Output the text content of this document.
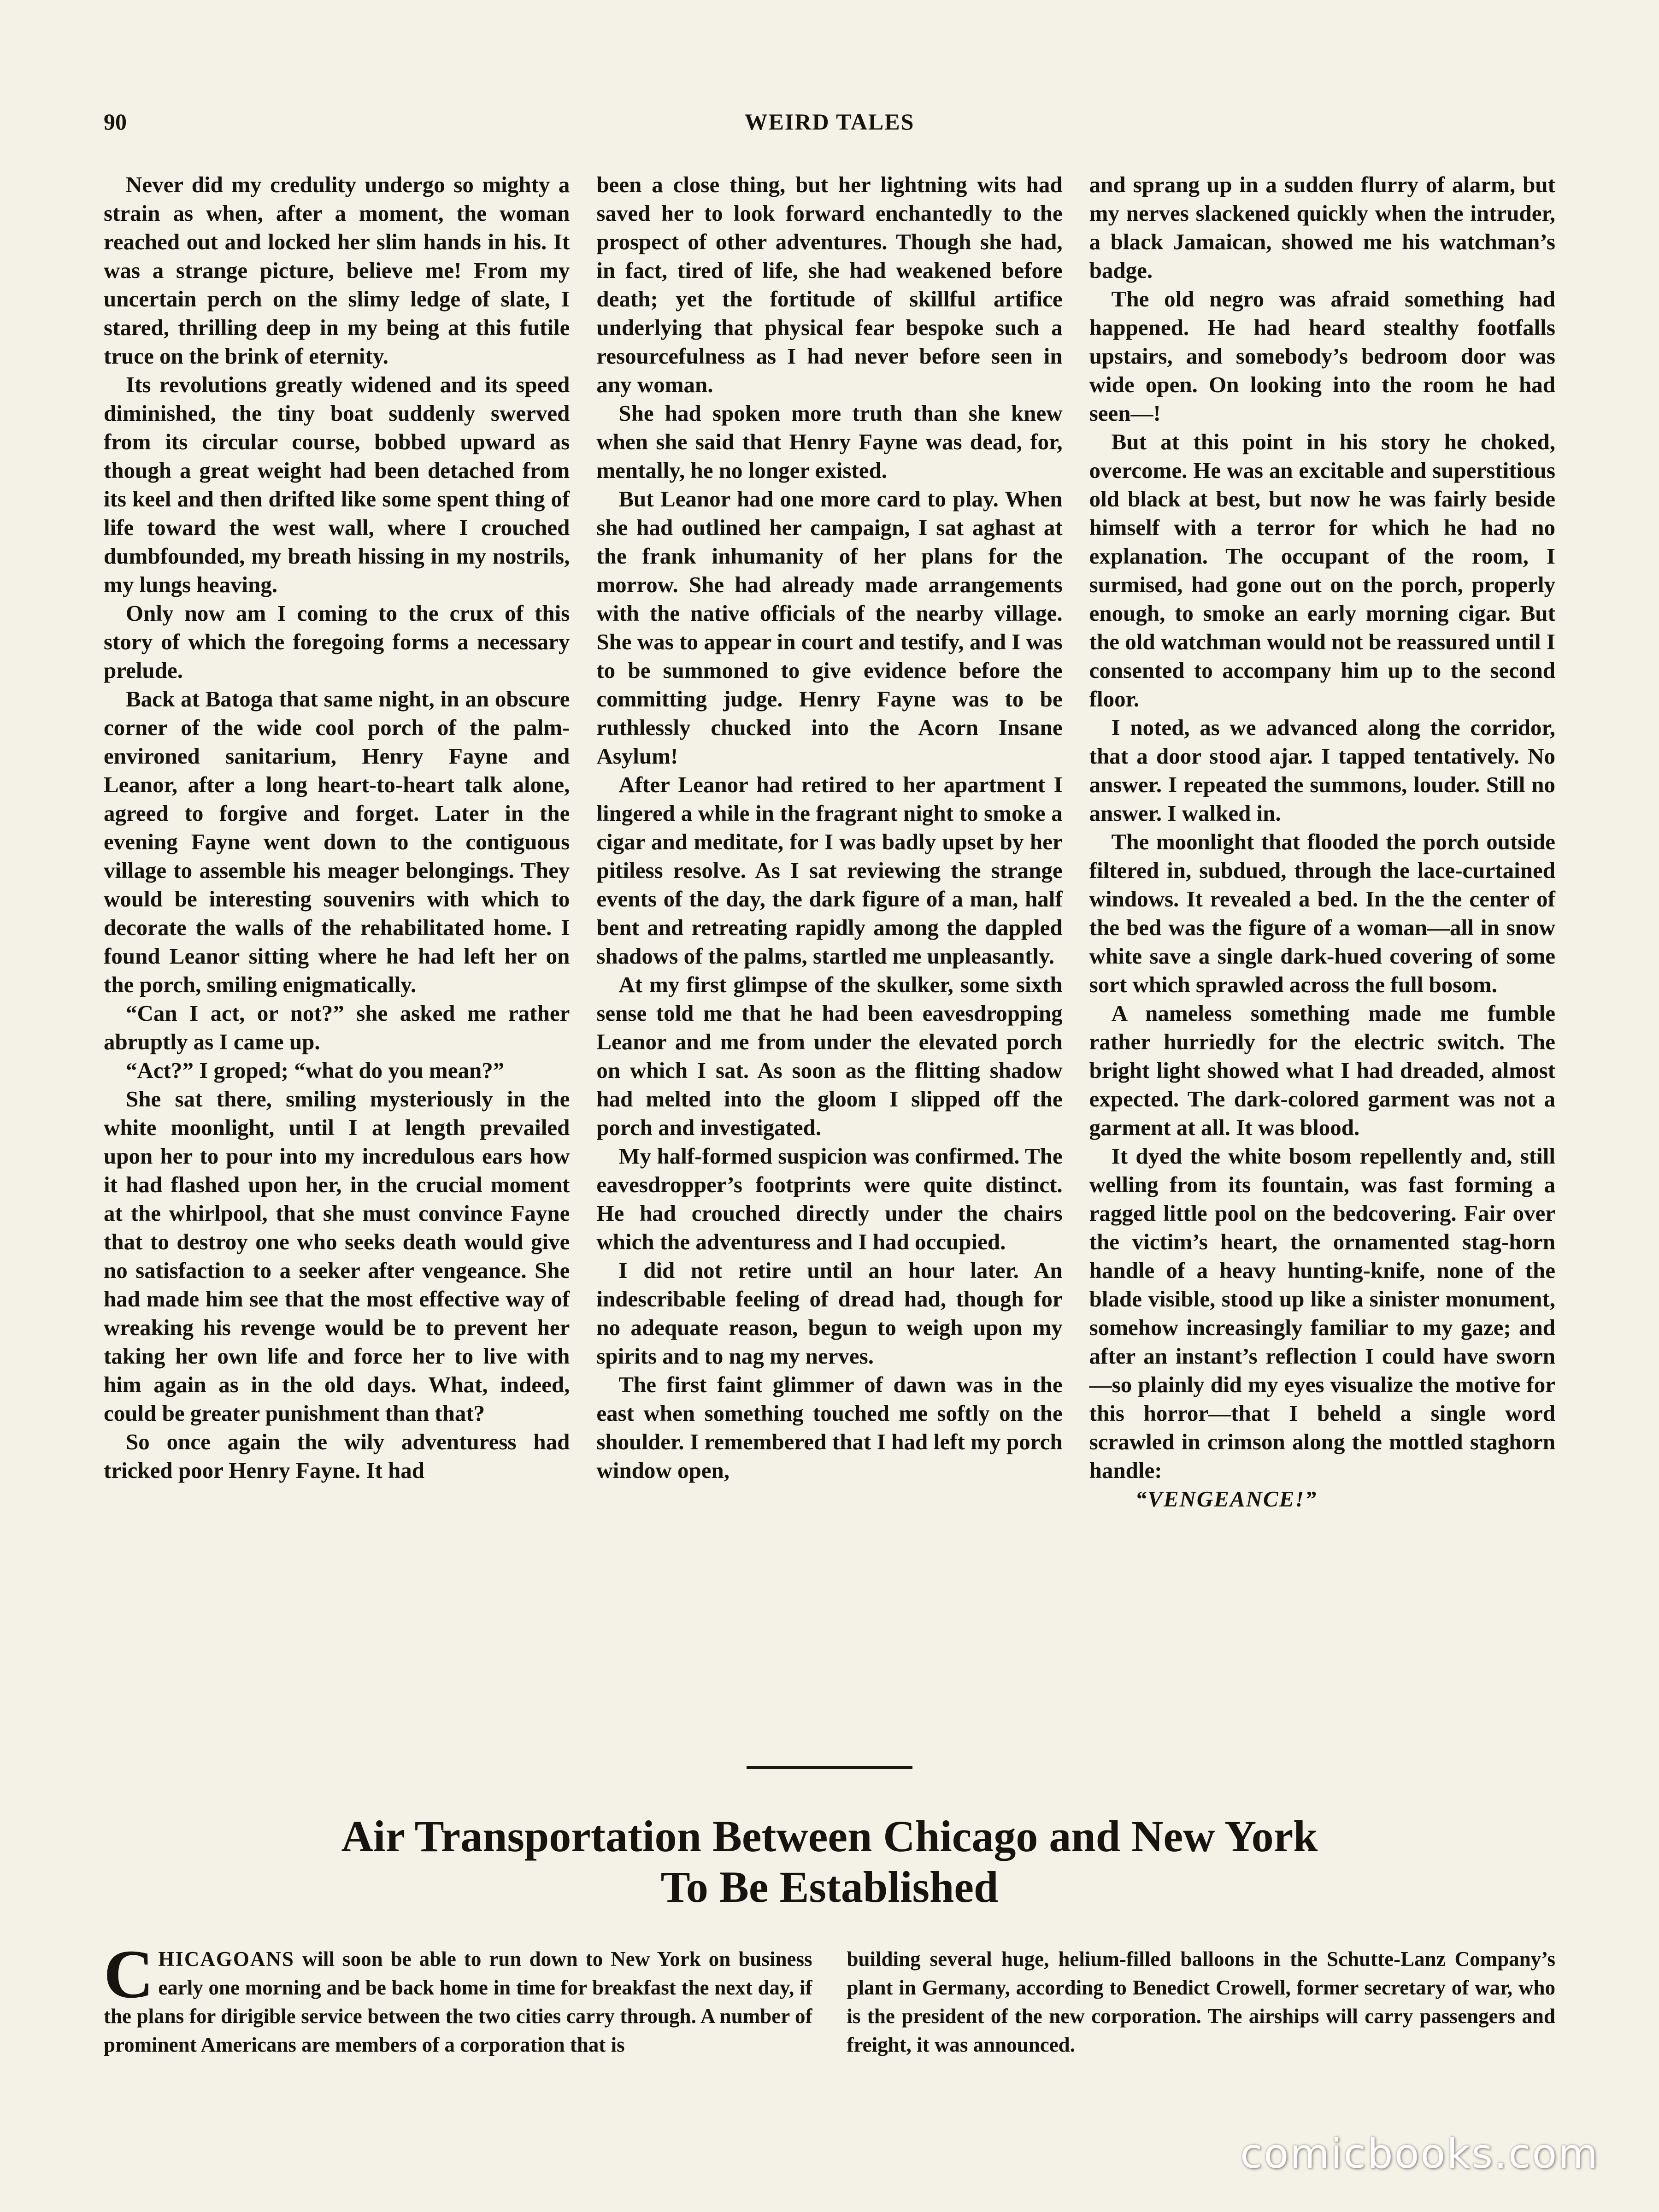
90	WEIRD TALES

Never did my credulity undergo so mighty a strain as when, after a moment, the woman reached out and locked her slim hands in his. It was a strange picture, believe me! From my uncertain perch on the slimy ledge of slate, I stared, thrilling deep in my being at this futile truce on the brink of eternity.

Its revolutions greatly widened and its speed diminished, the tiny boat suddenly swerved from its circular course, bobbed upward as though a great weight had been detached from its keel and then drifted like some spent thing of life toward the west wall, where I crouched dumbfounded, my breath hissing in my nostrils, my lungs heaving.

Only now am I coming to the crux of this story of which the foregoing forms a necessary prelude.

Back at Batoga that same night, in an obscure corner of the wide cool porch of the palm-environed sanitarium, Henry Fayne and Leanor, after a long heart-to-heart talk alone, agreed to forgive and forget. Later in the evening Fayne went down to the contiguous village to assemble his meager belongings. They would be interesting souvenirs with which to decorate the walls of the rehabilitated home. I found Leanor sitting where he had left her on the porch, smiling enigmatically.

“Can I act, or not?” she asked me rather abruptly as I came up.

“Act?” I groped; “what do you mean?”

She sat there, smiling mysteriously in the white moonlight, until I at length prevailed upon her to pour into my incredulous ears how it had flashed upon her, in the crucial moment at the whirlpool, that she must convince Fayne that to destroy one who seeks death would give no satisfaction to a seeker after vengeance. She had made him see that the most effective way of wreaking his revenge would be to prevent her taking her own life and force her to live with him again as in the old days. What, indeed, could be greater punishment than that?

So once again the wily adventuress had tricked poor Henry Fayne. It had

been a close thing, but her lightning wits had saved her to look forward enchantedly to the prospect of other adventures. Though she had, in fact, tired of life, she had weakened before death; yet the fortitude of skillful artifice underlying that physical fear bespoke such a resourcefulness as I had never before seen in any woman.

She had spoken more truth than she knew when she said that Henry Fayne was dead, for, mentally, he no longer existed.

But Leanor had one more card to play. When she had outlined her campaign, I sat aghast at the frank inhumanity of her plans for the morrow. She had already made arrangements with the native officials of the nearby village. She was to appear in court and testify, and I was to be summoned to give evidence before the committing judge. Henry Fayne was to be ruthlessly chucked into the Acorn Insane Asylum!

After Leanor had retired to her apartment I lingered a while in the fragrant night to smoke a cigar and meditate, for I was badly upset by her pitiless resolve. As I sat reviewing the strange events of the day, the dark figure of a man, half bent and retreating rapidly among the dappled shadows of the palms, startled me unpleasantly.

At my first glimpse of the skulker, some sixth sense told me that he had been eavesdropping Leanor and me from under the elevated porch on which I sat. As soon as the flitting shadow had melted into the gloom I slipped off the porch and investigated.

My half-formed suspicion was confirmed. The eavesdropper’s footprints were quite distinct. He had crouched directly under the chairs which the adventuress and I had occupied.

I did not retire until an hour later. An indescribable feeling of dread had, though for no adequate reason, begun to weigh upon my spirits and to nag my nerves.

The first faint glimmer of dawn was in the east when something touched me softly on the shoulder. I remembered that I had left my porch window open,

and sprang up in a sudden flurry of alarm, but my nerves slackened quickly when the intruder, a black Jamaican, showed me his watchman’s badge.

The old negro was afraid something had happened. He had heard stealthy footfalls upstairs, and somebody’s bedroom door was wide open. On looking into the room he had seen—!

But at this point in his story he choked, overcome. He was an excitable and superstitious old black at best, but now he was fairly beside himself with a terror for which he had no explanation. The occupant of the room, I surmised, had gone out on the porch, properly enough, to smoke an early morning cigar. But the old watchman would not be reassured until I consented to accompany him up to the second floor.

I noted, as we advanced along the corridor, that a door stood ajar. I tapped tentatively. No answer. I repeated the summons, louder. Still no answer. I walked in.

The moonlight that flooded the porch outside filtered in, subdued, through the lace-curtained windows. It revealed a bed. In the the center of the bed was the figure of a woman—all in snow white save a single dark-hued covering of some sort which sprawled across the full bosom.

A nameless something made me fumble rather hurriedly for the electric switch. The bright light showed what I had dreaded, almost expected. The dark-colored garment was not a garment at all. It was blood.

It dyed the white bosom repellently and, still welling from its fountain, was fast forming a ragged little pool on the bedcovering. Fair over the victim’s heart, the ornamented stag-horn handle of a heavy hunting-knife, none of the blade visible, stood up like a sinister monument, somehow increasingly familiar to my gaze; and after an instant’s reflection I could have sworn—so plainly did my eyes visualize the motive for this horror—that I beheld a single word scrawled in crimson along the mottled staghorn handle:

“VENGEANCE!”

Air Transportation Between Chicago and New York
To Be Established
CHICAGOANS will soon be able to run down to New York on business early one morning and be back home in time for breakfast the next day, if the plans for dirigible service between the two cities carry through. A number of prominent Americans are members of a corporation that is
building several huge, helium-filled balloons in the Schutte-Lanz Company’s plant in Germany, according to Benedict Crowell, former secretary of war, who is the president of the new corporation. The airships will carry passengers and freight, it was announced.
comicbooks.com
